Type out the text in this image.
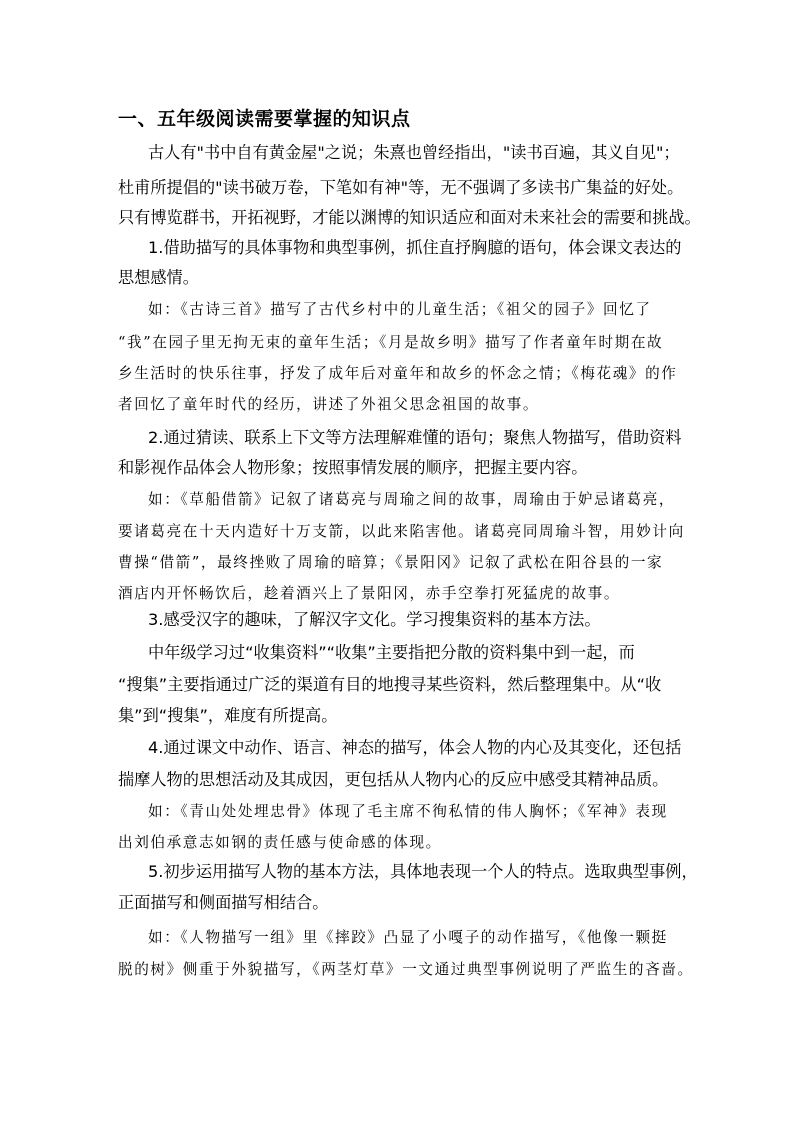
一、五年级阅读需要掌握的知识点
古人有"书中自有黄金屋"之说；朱熹也曾经指出，"读书百遍，其义自见"；
杜甫所提倡的"读书破万卷，下笔如有神"等，无不强调了多读书广集益的好处。
只有博览群书，开拓视野，才能以渊博的知识适应和面对未来社会的需要和挑战。
1.借助描写的具体事物和典型事例，抓住直抒胸臆的语句，体会课文表达的
思想感情。
如：《古诗三首》描写了古代乡村中的儿童生活；《祖父的园子》回忆了
“我”在园子里无拘无束的童年生活；《月是故乡明》描写了作者童年时期在故
乡生活时的快乐往事，抒发了成年后对童年和故乡的怀念之情；《梅花魂》的作
者回忆了童年时代的经历，讲述了外祖父思念祖国的故事。
2.通过猜读、联系上下文等方法理解难懂的语句；聚焦人物描写，借助资料
和影视作品体会人物形象；按照事情发展的顺序，把握主要内容。
如：《草船借箭》记叙了诸葛亮与周瑜之间的故事，周瑜由于妒忌诸葛亮，
要诸葛亮在十天内造好十万支箭，以此来陷害他。诸葛亮同周瑜斗智，用妙计向
曹操“借箭”，最终挫败了周瑜的暗算；《景阳冈》记叙了武松在阳谷县的一家
酒店内开怀畅饮后，趁着酒兴上了景阳冈，赤手空拳打死猛虎的故事。
3.感受汉字的趣味，了解汉字文化。学习搜集资料的基本方法。
中年级学习过“收集资料”“收集”主要指把分散的资料集中到一起，而
“搜集”主要指通过广泛的渠道有目的地搜寻某些资料，然后整理集中。从“收
集”到“搜集”，难度有所提高。
4.通过课文中动作、语言、神态的描写，体会人物的内心及其变化，还包括
揣摩人物的思想活动及其成因，更包括从人物内心的反应中感受其精神品质。
如：《青山处处埋忠骨》体现了毛主席不徇私情的伟人胸怀；《军神》表现
出刘伯承意志如钢的责任感与使命感的体现。
5.初步运用描写人物的基本方法，具体地表现一个人的特点。选取典型事例，
正面描写和侧面描写相结合。
如：《人物描写一组》里《摔跤》凸显了小嘎子的动作描写，《他像一颗挺
脱的树》侧重于外貌描写，《两茎灯草》一文通过典型事例说明了严监生的吝啬。
